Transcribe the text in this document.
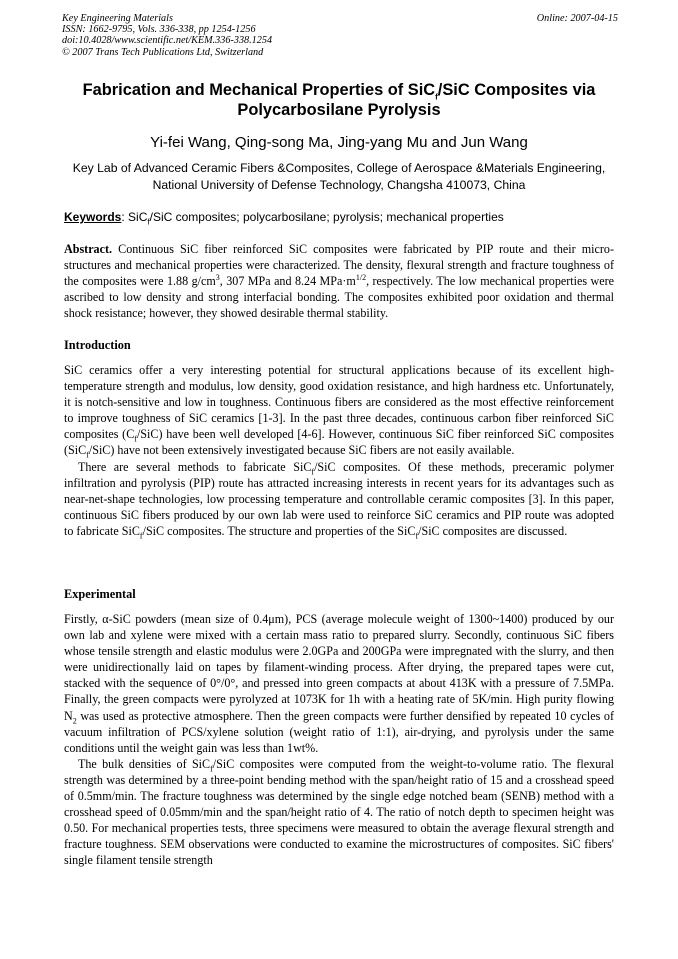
Key Engineering Materials
ISSN: 1662-9795, Vols. 336-338, pp 1254-1256
doi:10.4028/www.scientific.net/KEM.336-338.1254
© 2007 Trans Tech Publications Ltd, Switzerland
Online: 2007-04-15
Fabrication and Mechanical Properties of SiC$_f$/SiC Composites via
Polycarbosilane Pyrolysis
Yi-fei Wang, Qing-song Ma, Jing-yang Mu and Jun Wang
Key Lab of Advanced Ceramic Fibers &Composites, College of Aerospace &Materials Engineering,
National University of Defense Technology, Changsha 410073, China
Keywords: SiC$_f$/SiC composites; polycarbosilane; pyrolysis; mechanical properties

Abstract. Continuous SiC fiber reinforced SiC composites were fabricated by PIP route and their micro-structures and mechanical properties were characterized. The density, flexural strength and fracture toughness of the composites were 1.88 $g/cm^3$, 307 MPa and 8.24 $MPa\cdot m^{1/2}$, respectively. The low mechanical properties were ascribed to low density and strong interfacial bonding. The composites exhibited poor oxidation and thermal shock resistance; however, they showed desirable thermal stability.

Introduction

SiC ceramics offer a very interesting potential for structural applications because of its excellent high-temperature strength and modulus, low density, good oxidation resistance, and high hardness etc. Unfortunately, it is notch-sensitive and low in toughness. Continuous fibers are considered as the most effective reinforcement to improve toughness of SiC ceramics [1-3]. In the past three decades, continuous carbon fiber reinforced SiC composites $(C_f/SiC)$ have been well developed [4-6]. However, continuous SiC fiber reinforced SiC composites (SiC$_f$/SiC) have not been extensively investigated because SiC fibers are not easily available.

There are several methods to fabricate SiC$_f$/SiC composites. Of these methods, preceramic polymer infiltration and pyrolysis (PIP) route has attracted increasing interests in recent years for its advantages such as near-net-shape technologies, low processing temperature and controllable ceramic composites [3]. In this paper, continuous SiC fibers produced by our own lab were used to reinforce SiC ceramics and PIP route was adopted to fabricate SiC$_f$/SiC composites. The structure and properties of the SiC$_f$/SiC composites are discussed.

Experimental

Firstly, α-SiC powders (mean size of 0.4μm), PCS (average molecule weight of 1300~1400) produced by our own lab and xylene were mixed with a certain mass ratio to prepared slurry. Secondly, continuous SiC fibers whose tensile strength and elastic modulus were 2.0GPa and 200GPa were impregnated with the slurry, and then were unidirectionally laid on tapes by filament-winding process. After drying, the prepared tapes were cut, stacked with the sequence of 0°/0°, and pressed into green compacts at about 413K with a pressure of 7.5MPa. Finally, the green compacts were pyrolyzed at 1073K for 1h with a heating rate of 5K/min. High purity flowing $N_2$ was used as protective atmosphere. Then the green compacts were further densified by repeated 10 cycles of vacuum infiltration of PCS/xylene solution (weight ratio of 1:1), air-drying, and pyrolysis under the same conditions until the weight gain was less than 1wt%.

The bulk densities of SiC$_f$/SiC composites were computed from the weight-to-volume ratio. The flexural strength was determined by a three-point bending method with the span/height ratio of 15 and a crosshead speed of 0.5mm/min. The fracture toughness was determined by the single edge notched beam (SENB) method with a crosshead speed of 0.05mm/min and the span/height ratio of 4. The ratio of notch depth to specimen height was 0.50. For mechanical properties tests, three specimens were measured to obtain the average flexural strength and fracture toughness. SEM observations were conducted to examine the microstructures of composites. SiC fibers' single filament tensile strength
